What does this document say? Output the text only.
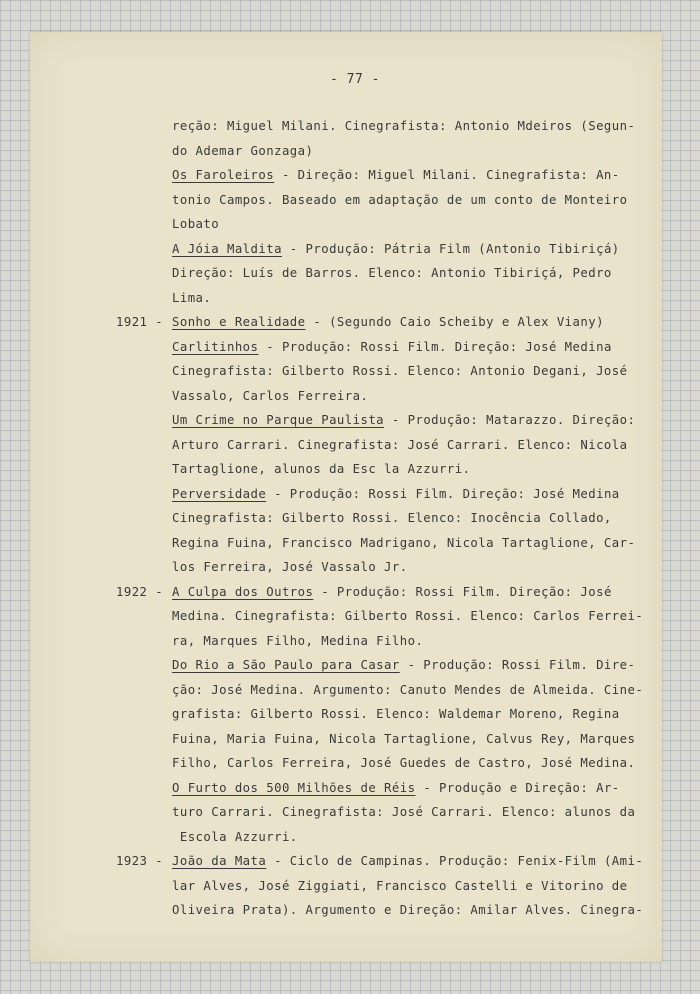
- 77 -
reção: Miguel Milani. Cinegrafista: Antonio Mdeiros (Segun-
do Ademar Gonzaga)
Os Faroleiros - Direção: Miguel Milani. Cinegrafista: An-
tonio Campos. Baseado em adaptação de um conto de Monteiro
Lobato
A Jóia Maldita - Produção: Pátria Film (Antonio Tibiriçá)
Direção: Luís de Barros. Elenco: Antonio Tibiriçá, Pedro
Lima.
1921 - Sonho e Realidade - (Segundo Caio Scheiby e Alex Viany)
Carlitinhos - Produção: Rossi Film. Direção: José Medina
Cinegrafista: Gilberto Rossi. Elenco: Antonio Degani, José
Vassalo, Carlos Ferreira.
Um Crime no Parque Paulista - Produção: Matarazzo. Direção:
Arturo Carrari. Cinegrafista: José Carrari. Elenco: Nicola
Tartaglione, alunos da Esc la Azzurri.
Perversidade - Produção: Rossi Film. Direção: José Medina
Cinegrafista: Gilberto Rossi. Elenco: Inocência Collado,
Regina Fuina, Francisco Madrigano, Nicola Tartaglione, Car-
los Ferreira, José Vassalo Jr.
1922 - A Culpa dos Outros - Produção: Rossi Film. Direção: José
Medina. Cinegrafista: Gilberto Rossi. Elenco: Carlos Ferrei-
ra, Marques Filho, Medina Filho.
Do Rio a São Paulo para Casar - Produção: Rossi Film. Dire-
ção: José Medina. Argumento: Canuto Mendes de Almeida. Cine-
grafista: Gilberto Rossi. Elenco: Waldemar Moreno, Regina
Fuina, Maria Fuina, Nicola Tartaglione, Calvus Rey, Marques
Filho, Carlos Ferreira, José Guedes de Castro, José Medina.
O Furto dos 500 Milhões de Réis - Produção e Direção: Ar-
turo Carrari. Cinegrafista: José Carrari. Elenco: alunos da
Escola Azzurri.
1923 - João da Mata - Ciclo de Campinas. Produção: Fenix-Film (Ami-
lar Alves, José Ziggiati, Francisco Castelli e Vitorino de
Oliveira Prata). Argumento e Direção: Amilar Alves. Cinegra-
